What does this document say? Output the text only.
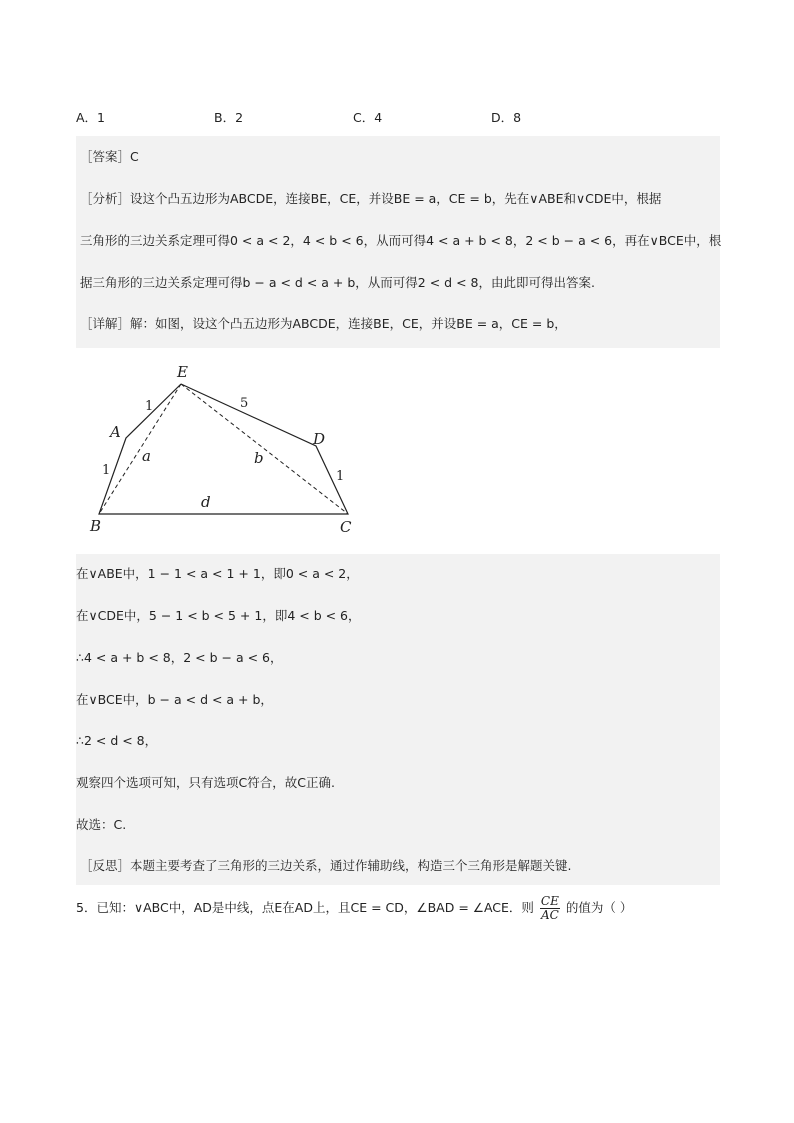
A．1	B．2	C．4	D．8
［答案］C
［分析］设这个凸五边形为ABCDE，连接BE，CE，并设BE = a，CE = b，先在∨ABE和∨CDE中，根据
三角形的三边关系定理可得0 < a < 2，4 < b < 6，从而可得4 < a + b < 8，2 < b − a < 6，再在∨BCE中，根
据三角形的三边关系定理可得b − a < d < a + b，从而可得2 < d < 8，由此即可得出答案.
［详解］解：如图，设这个凸五边形为ABCDE，连接BE，CE，并设BE = a，CE = b，
E
A	D
B	C
a	b
d
1	5
1	1
在∨ABE中，1 − 1 < a < 1 + 1，即0 < a < 2，
在∨CDE中，5 − 1 < b < 5 + 1，即4 < b < 6，
∴4 < a + b < 8，2 < b − a < 6，
在∨BCE中，b − a < d < a + b，
∴2 < d < 8，
观察四个选项可知，只有选项C符合，故C正确.
故选：C.
［反思］本题主要考查了三角形的三边关系，通过作辅助线，构造三个三角形是解题关键.
5．已知：∨ABC中，AD是中线，点E在AD上，且CE = CD，∠BAD = ∠ACE．则 $\frac{CE}{AC}$ 的值为（ ）
